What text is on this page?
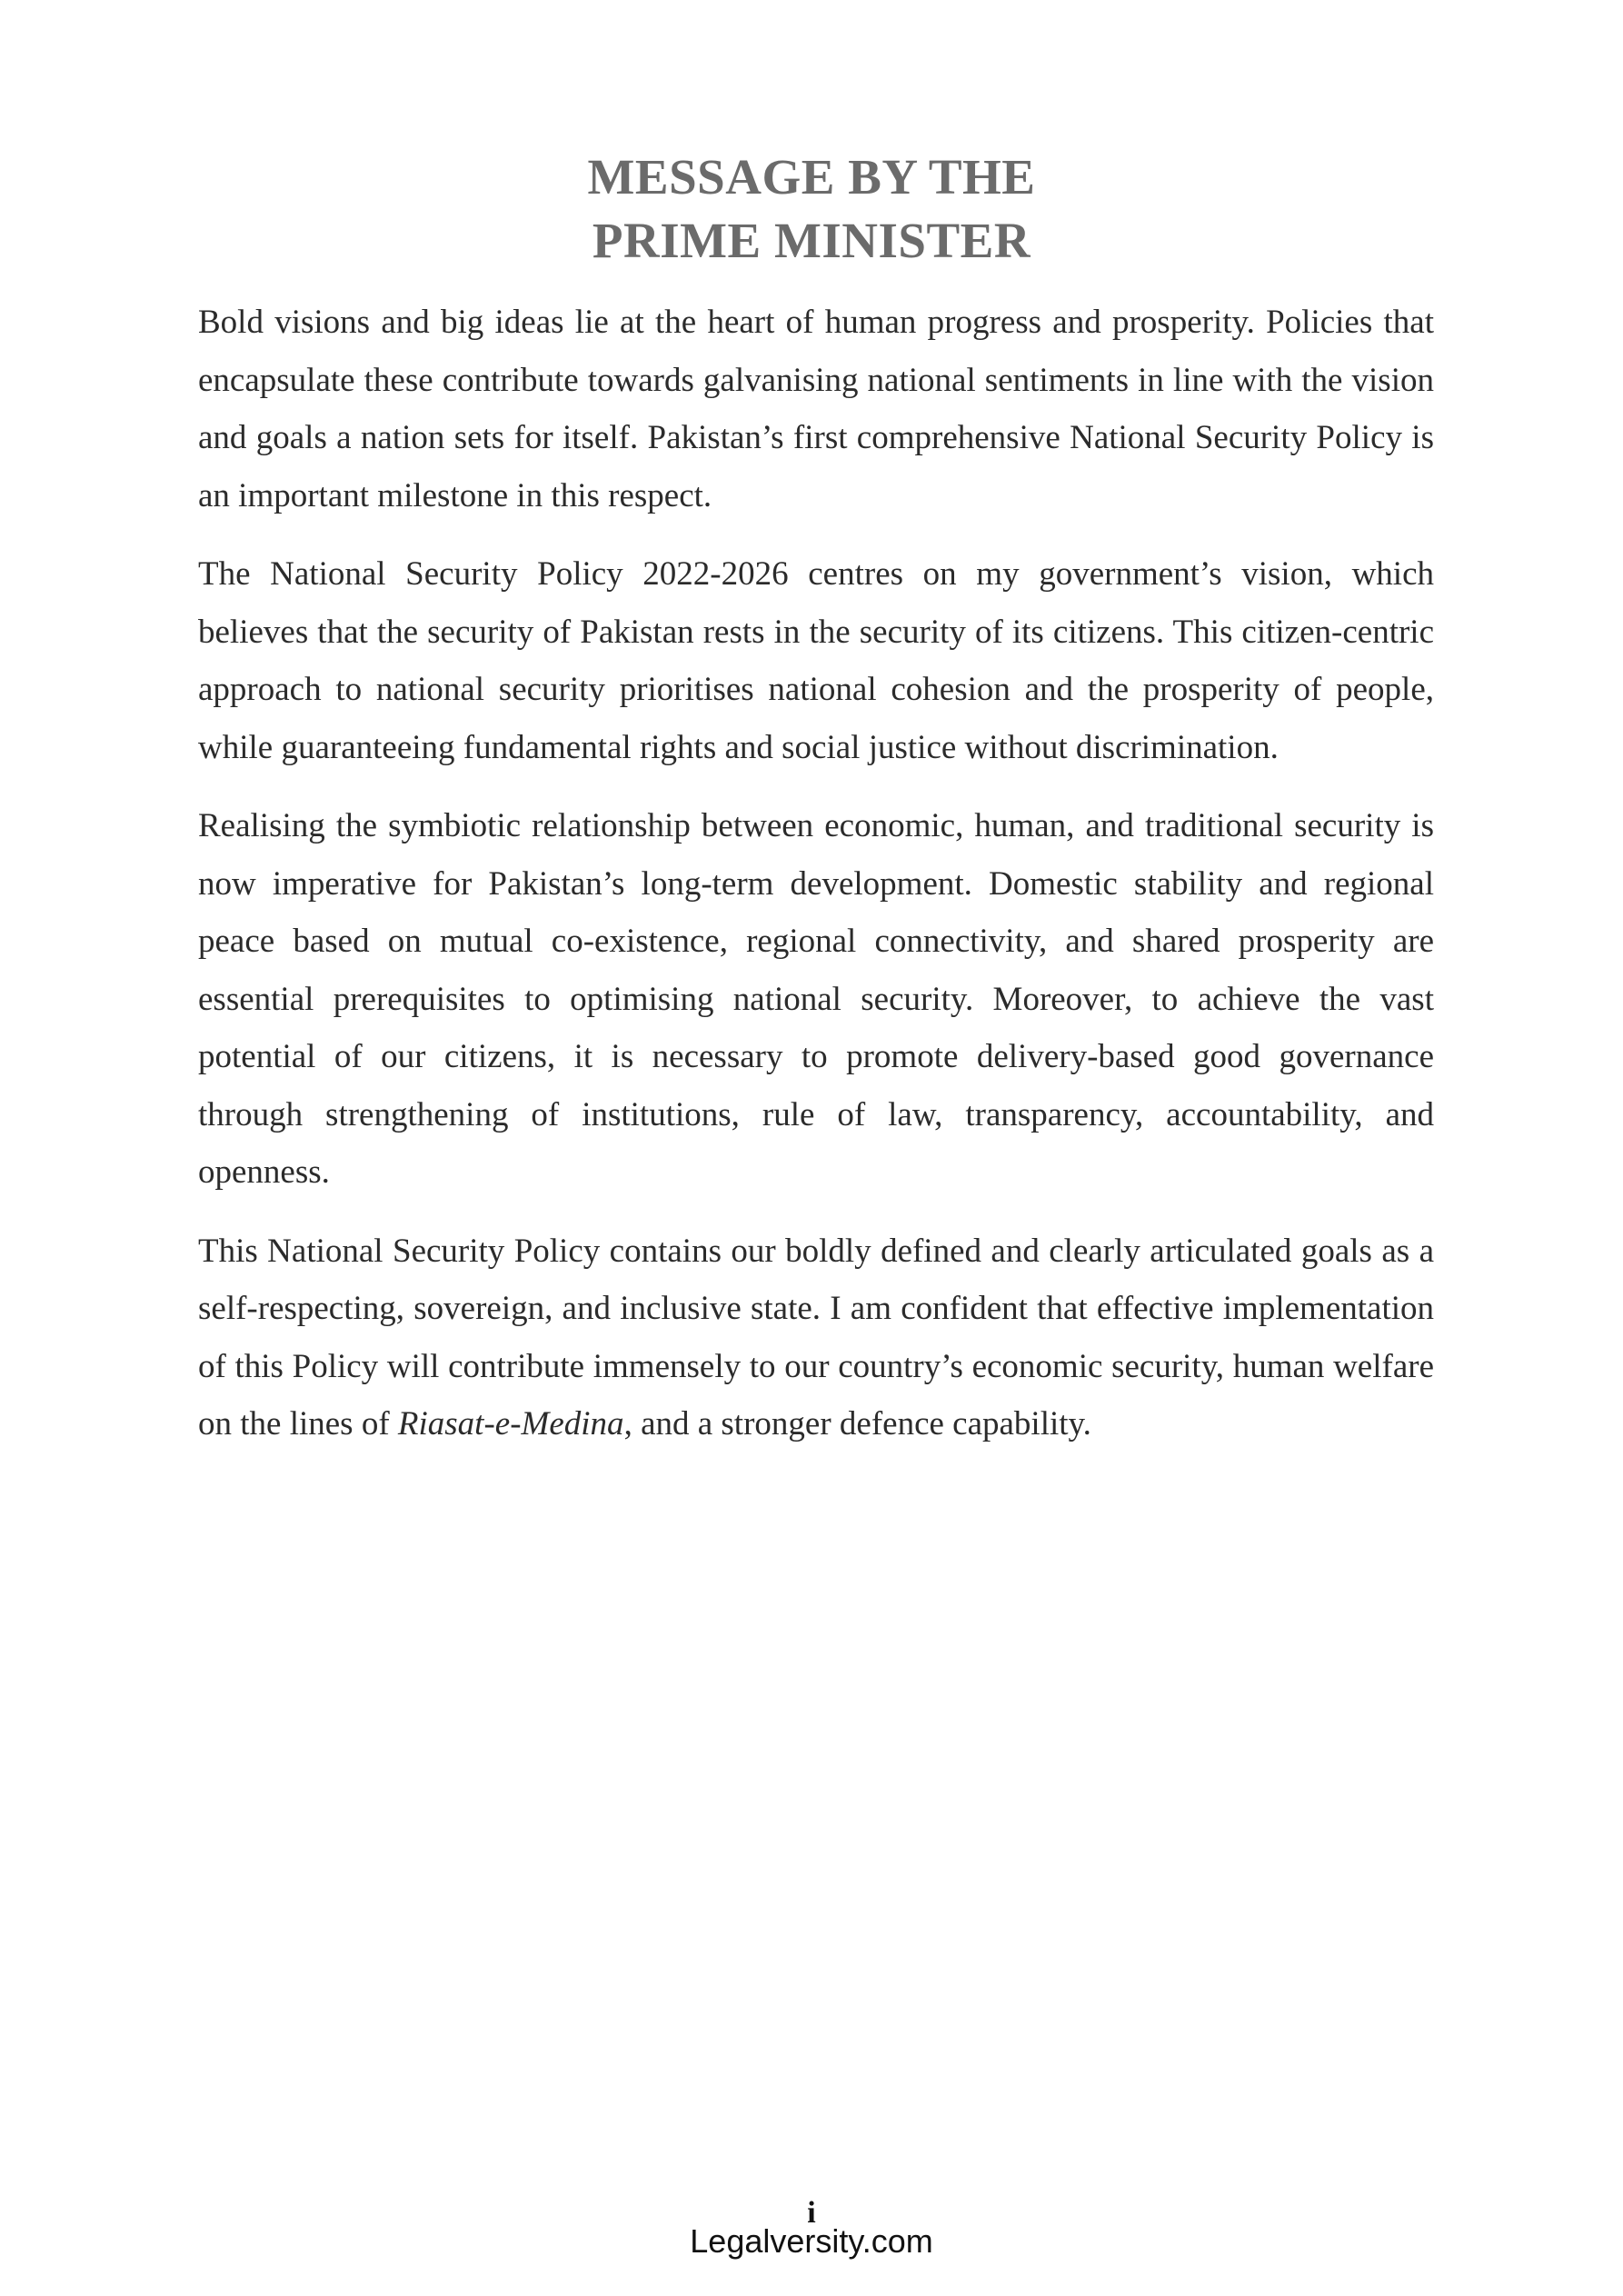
MESSAGE BY THE
PRIME MINISTER

Bold visions and big ideas lie at the heart of human progress and prosperity. Policies that encapsulate these contribute towards galvanising national sentiments in line with the vision and goals a nation sets for itself. Pakistan’s first comprehensive National Security Policy is an important milestone in this respect.

The National Security Policy 2022-2026 centres on my government’s vision, which believes that the security of Pakistan rests in the security of its citizens. This citizen-centric approach to national security prioritises national cohesion and the prosperity of people, while guaranteeing fundamental rights and social justice without discrimination.

Realising the symbiotic relationship between economic, human, and traditional security is now imperative for Pakistan’s long-term development. Domestic stability and regional peace based on mutual co-existence, regional connectivity, and shared prosperity are essential prerequisites to optimising national security. Moreover, to achieve the vast potential of our citizens, it is necessary to promote delivery-based good governance through strengthening of institutions, rule of law, transparency, accountability, and openness.

This National Security Policy contains our boldly defined and clearly articulated goals as a self-respecting, sovereign, and inclusive state. I am confident that effective implementation of this Policy will contribute immensely to our country’s economic security, human welfare on the lines of Riasat-e-Medina, and a stronger defence capability.

i
Legalversity.com
